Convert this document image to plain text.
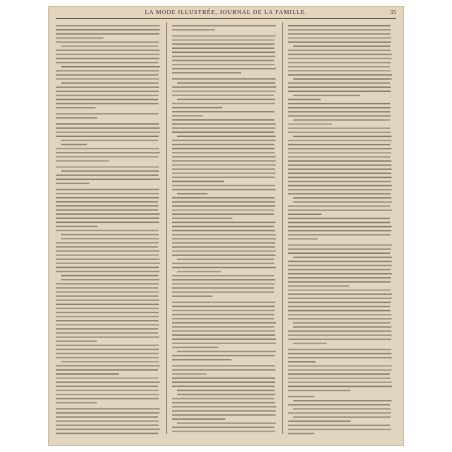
LA MODE ILLUSTRÉE, JOURNAL DE LA FAMILLE.	35
